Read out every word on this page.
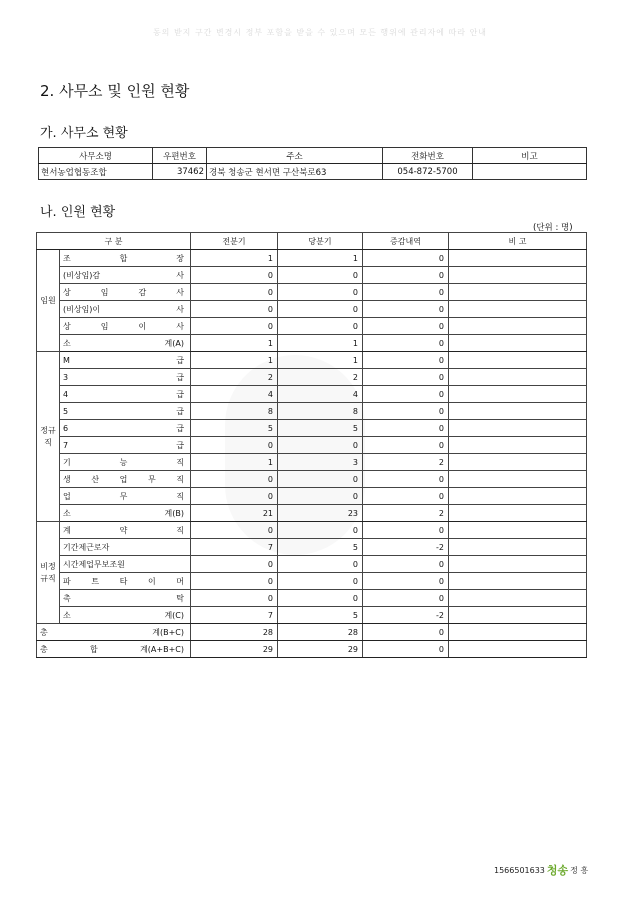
동의 받지 구간 변경시 정부 포함을 받을 수 있으며 모든 행위에 관리자에 따라 안내
2. 사무소 및 인원 현황
가. 사무소 현황
사무소명	우편번호	주소	전화번호	비고
현서농업협동조합	37462	경북 청송군 현서면 구산북로63	054-872-5700	
나. 인원 현황
(단위 : 명)
구 분		전분기	당분기	증감내역	비 고
임원	조 합 장	1	1	0	
	(비상임)감 사	0	0	0	
	상 임 감 사	0	0	0	
	(비상임)이 사	0	0	0	
	상 임 이 사	0	0	0	
	소 계(A)	1	1	0	
정규직	M 급	1	1	0	
	3 급	2	2	0	
	4 급	4	4	0	
	5 급	8	8	0	
	6 급	5	5	0	
	7 급	0	0	0	
	기 능 직	1	3	2	
	생 산 업 무 직	0	0	0	
	업 무 직	0	0	0	
	소 계(B)	21	23	2	
비정규직	계 약 직	0	0	0	
	기간제근로자	7	5	-2	
	시간제업무보조원	0	0	0	
	파 트 타 이 머	0	0	0	
	촉 탁	0	0	0	
	소 계(C)	7	5	-2	
총 계(B+C)		28	28	0	
총 합 계(A+B+C)		29	29	0	
1566501633 청송 정 흥
